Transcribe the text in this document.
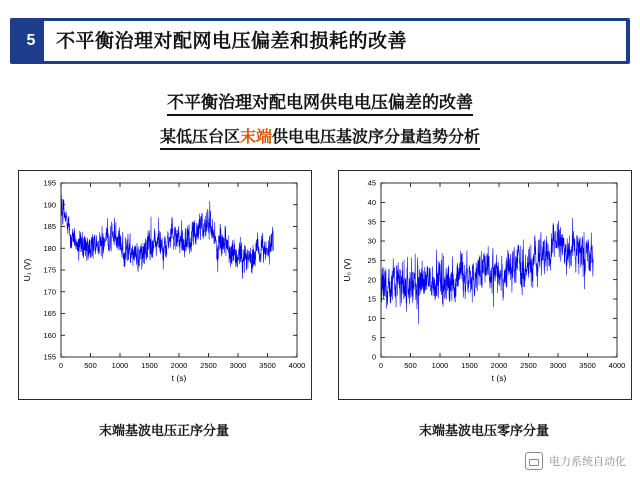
5	不平衡治理对配网电压偏差和损耗的改善
不平衡治理对配电网供电电压偏差的改善
某低压台区末端供电电压基波序分量趋势分析
0	500 1000 1500 2000 2500 3000 3500 4000
155
160
165
170
175
180
185
190
195
t (s)
U₁ (V)
末端基波电压正序分量
0	500 1000 1500 2000 2500 3000 3500 4000
0
5
10
15
20
25
30
35
40
45
t (s)
U₀ (V)
末端基波电压零序分量
电力系统自动化
